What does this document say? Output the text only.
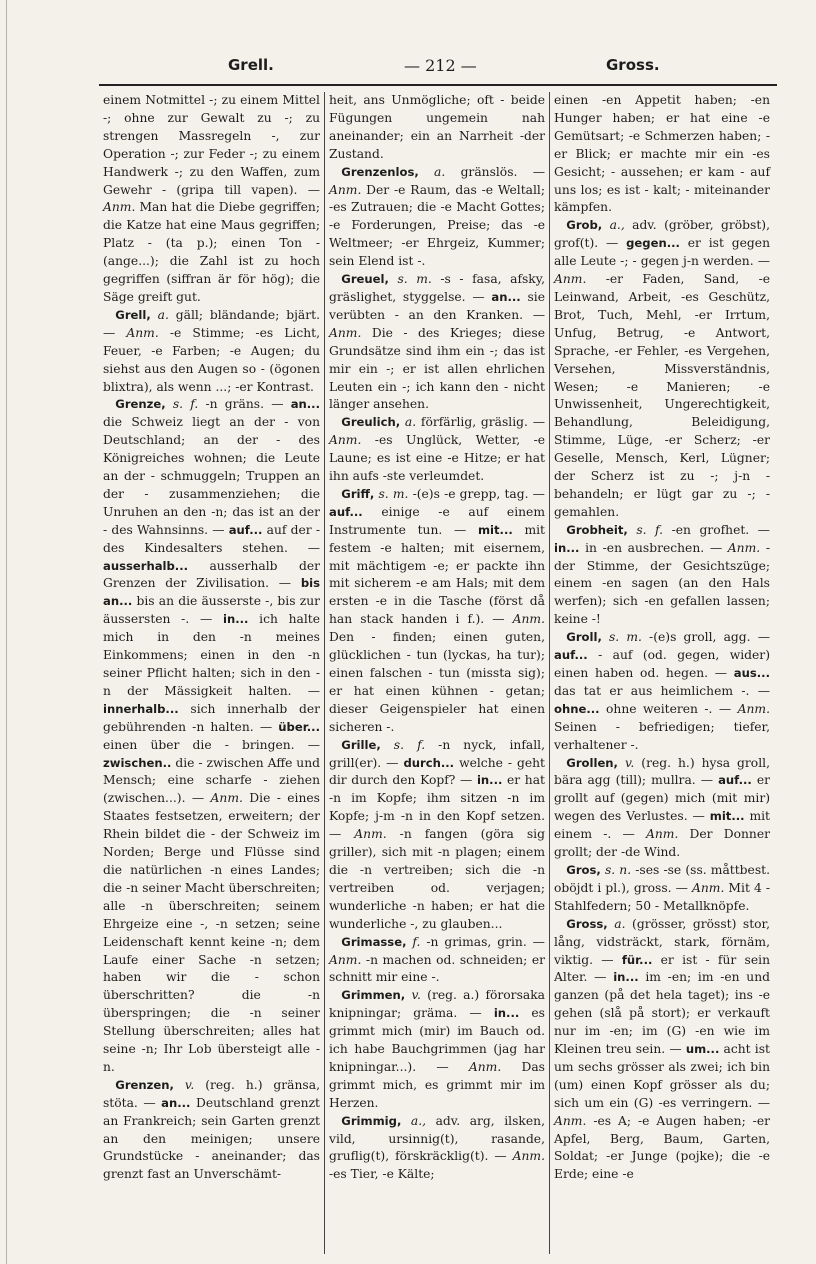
Grell.	— 212 —	Gross.

einem Notmittel -; zu einem Mittel -; ohne zur Gewalt zu -; zu strengen Massregeln -, zur Operation -; zur Feder -; zu einem Handwerk -; zu den Waffen, zum Gewehr - (gripa till vapen). — Anm. Man hat die Diebe gegriffen; die Katze hat eine Maus gegriffen; Platz - (ta p.); einen Ton - (ange...); die Zahl ist zu hoch gegriffen (siffran är för hög); die Säge greift gut.

Grell, a. gäll; bländande; bjärt. — Anm. -e Stimme; -es Licht, Feuer, -e Farben; -e Augen; du siehst aus den Augen so - (ögonen blixtra), als wenn ...; -er Kontrast.

Grenze, s. f. -n gräns. — an... die Schweiz liegt an der - von Deutschland; an der - des Königreiches wohnen; die Leute an der - schmuggeln; Truppen an der - zusammenziehen; die Unruhen an den -n; das ist an der - des Wahnsinns. — auf... auf der - des Kindesalters stehen. — ausserhalb... ausserhalb der Grenzen der Zivilisation. — bis an... bis an die äusserste -, bis zur äussersten -. — in... ich halte mich in den -n meines Einkommens; einen in den -n seiner Pflicht halten; sich in den -n der Mässigkeit halten. — innerhalb... sich innerhalb der gebührenden -n halten. — über... einen über die - bringen. — zwischen.. die - zwischen Affe und Mensch; eine scharfe - ziehen (zwischen...). — Anm. Die - eines Staates festsetzen, erweitern; der Rhein bildet die - der Schweiz im Norden; Berge und Flüsse sind die natürlichen -n eines Landes; die -n seiner Macht überschreiten; alle -n überschreiten; seinem Ehrgeize eine -, -n setzen; seine Leidenschaft kennt keine -n; dem Laufe einer Sache -n setzen; haben wir die - schon überschritten? die -n überspringen; die -n seiner Stellung überschreiten; alles hat seine -n; Ihr Lob übersteigt alle -n.

Grenzen, v. (reg. h.) gränsa, stöta. — an... Deutschland grenzt an Frankreich; sein Garten grenzt an den meinigen; unsere Grundstücke - aneinander; das grenzt fast an Unverschämt-

heit, ans Unmögliche; oft - beide Fügungen ungemein nah aneinander; ein an Narrheit -der Zustand.

Grenzenlos, a. gränslös. — Anm. Der -e Raum, das -e Weltall; -es Zutrauen; die -e Macht Gottes; -e Forderungen, Preise; das -e Weltmeer; -er Ehrgeiz, Kummer; sein Elend ist -.

Greuel, s. m. -s - fasa, afsky, gräslighet, styggelse. — an... sie verübten - an den Kranken. — Anm. Die - des Krieges; diese Grundsätze sind ihm ein -; das ist mir ein -; er ist allen ehrlichen Leuten ein -; ich kann den - nicht länger ansehen.

Greulich, a. förfärlig, gräslig. — Anm. -es Unglück, Wetter, -e Laune; es ist eine -e Hitze; er hat ihn aufs -ste verleumdet.

Griff, s. m. -(e)s -e grepp, tag. — auf... einige -e auf einem Instrumente tun. — mit... mit festem -e halten; mit eisernem, mit mächtigem -e; er packte ihn mit sicherem -e am Hals; mit dem ersten -e in die Tasche (först då han stack handen i f.). — Anm. Den - finden; einen guten, glücklichen - tun (lyckas, ha tur); einen falschen - tun (missta sig); er hat einen kühnen - getan; dieser Geigenspieler hat einen sicheren -.

Grille, s. f. -n nyck, infall, grill(er). — durch... welche - geht dir durch den Kopf? — in... er hat -n im Kopfe; ihm sitzen -n im Kopfe; j-m -n in den Kopf setzen. — Anm. -n fangen (göra sig griller), sich mit -n plagen; einem die -n vertreiben; sich die -n vertreiben od. verjagen; wunderliche -n haben; er hat die wunderliche -, zu glauben...

Grimasse, f. -n grimas, grin. — Anm. -n machen od. schneiden; er schnitt mir eine -.

Grimmen, v. (reg. a.) förorsaka knipningar; gräma. — in... es grimmt mich (mir) im Bauch od. ich habe Bauchgrimmen (jag har knipningar...). — Anm. Das grimmt mich, es grimmt mir im Herzen.

Grimmig, a., adv. arg, ilsken, vild, ursinnig(t), rasande, gruflig(t), förskräcklig(t). — Anm. -es Tier, -e Kälte;

einen -en Appetit haben; -en Hunger haben; er hat eine -e Gemütsart; -e Schmerzen haben; -er Blick; er machte mir ein -es Gesicht; - aussehen; er kam - auf uns los; es ist - kalt; - miteinander kämpfen.

Grob, a., adv. (gröber, gröbst), grof(t). — gegen... er ist gegen alle Leute -; - gegen j-n werden. — Anm. -er Faden, Sand, -e Leinwand, Arbeit, -es Geschütz, Brot, Tuch, Mehl, -er Irrtum, Unfug, Betrug, -e Antwort, Sprache, -er Fehler, -es Vergehen, Versehen, Missverständnis, Wesen; -e Manieren; -e Unwissenheit, Ungerechtigkeit, Behandlung, Beleidigung, Stimme, Lüge, -er Scherz; -er Geselle, Mensch, Kerl, Lügner; der Scherz ist zu -; j-n - behandeln; er lügt gar zu -; - gemahlen.

Grobheit, s. f. -en grofhet. — in... in -en ausbrechen. — Anm. - der Stimme, der Gesichtszüge; einem -en sagen (an den Hals werfen); sich -en gefallen lassen; keine -!

Groll, s. m. -(e)s groll, agg. — auf... - auf (od. gegen, wider) einen haben od. hegen. — aus... das tat er aus heimlichem -. — ohne... ohne weiteren -. — Anm. Seinen - befriedigen; tiefer, verhaltener -.

Grollen, v. (reg. h.) hysa groll, bära agg (till); mullra. — auf... er grollt auf (gegen) mich (mit mir) wegen des Verlustes. — mit... mit einem -. — Anm. Der Donner grollt; der -de Wind.

Gros, s. n. -ses -se (ss. måttbest. oböjdt i pl.), gross. — Anm. Mit 4 - Stahlfedern; 50 - Metallknöpfe.

Gross, a. (grösser, grösst) stor, lång, vidsträckt, stark, förnäm, viktig. — für... er ist - für sein Alter. — in... im -en; im -en und ganzen (på det hela taget); ins -e gehen (slå på stort); er verkauft nur im -en; im (G) -en wie im Kleinen treu sein. — um... acht ist um sechs grösser als zwei; ich bin (um) einen Kopf grösser als du; sich um ein (G) -es verringern. — Anm. -es A; -e Augen haben; -er Apfel, Berg, Baum, Garten, Soldat; -er Junge (pojke); die -e Erde; eine -e
